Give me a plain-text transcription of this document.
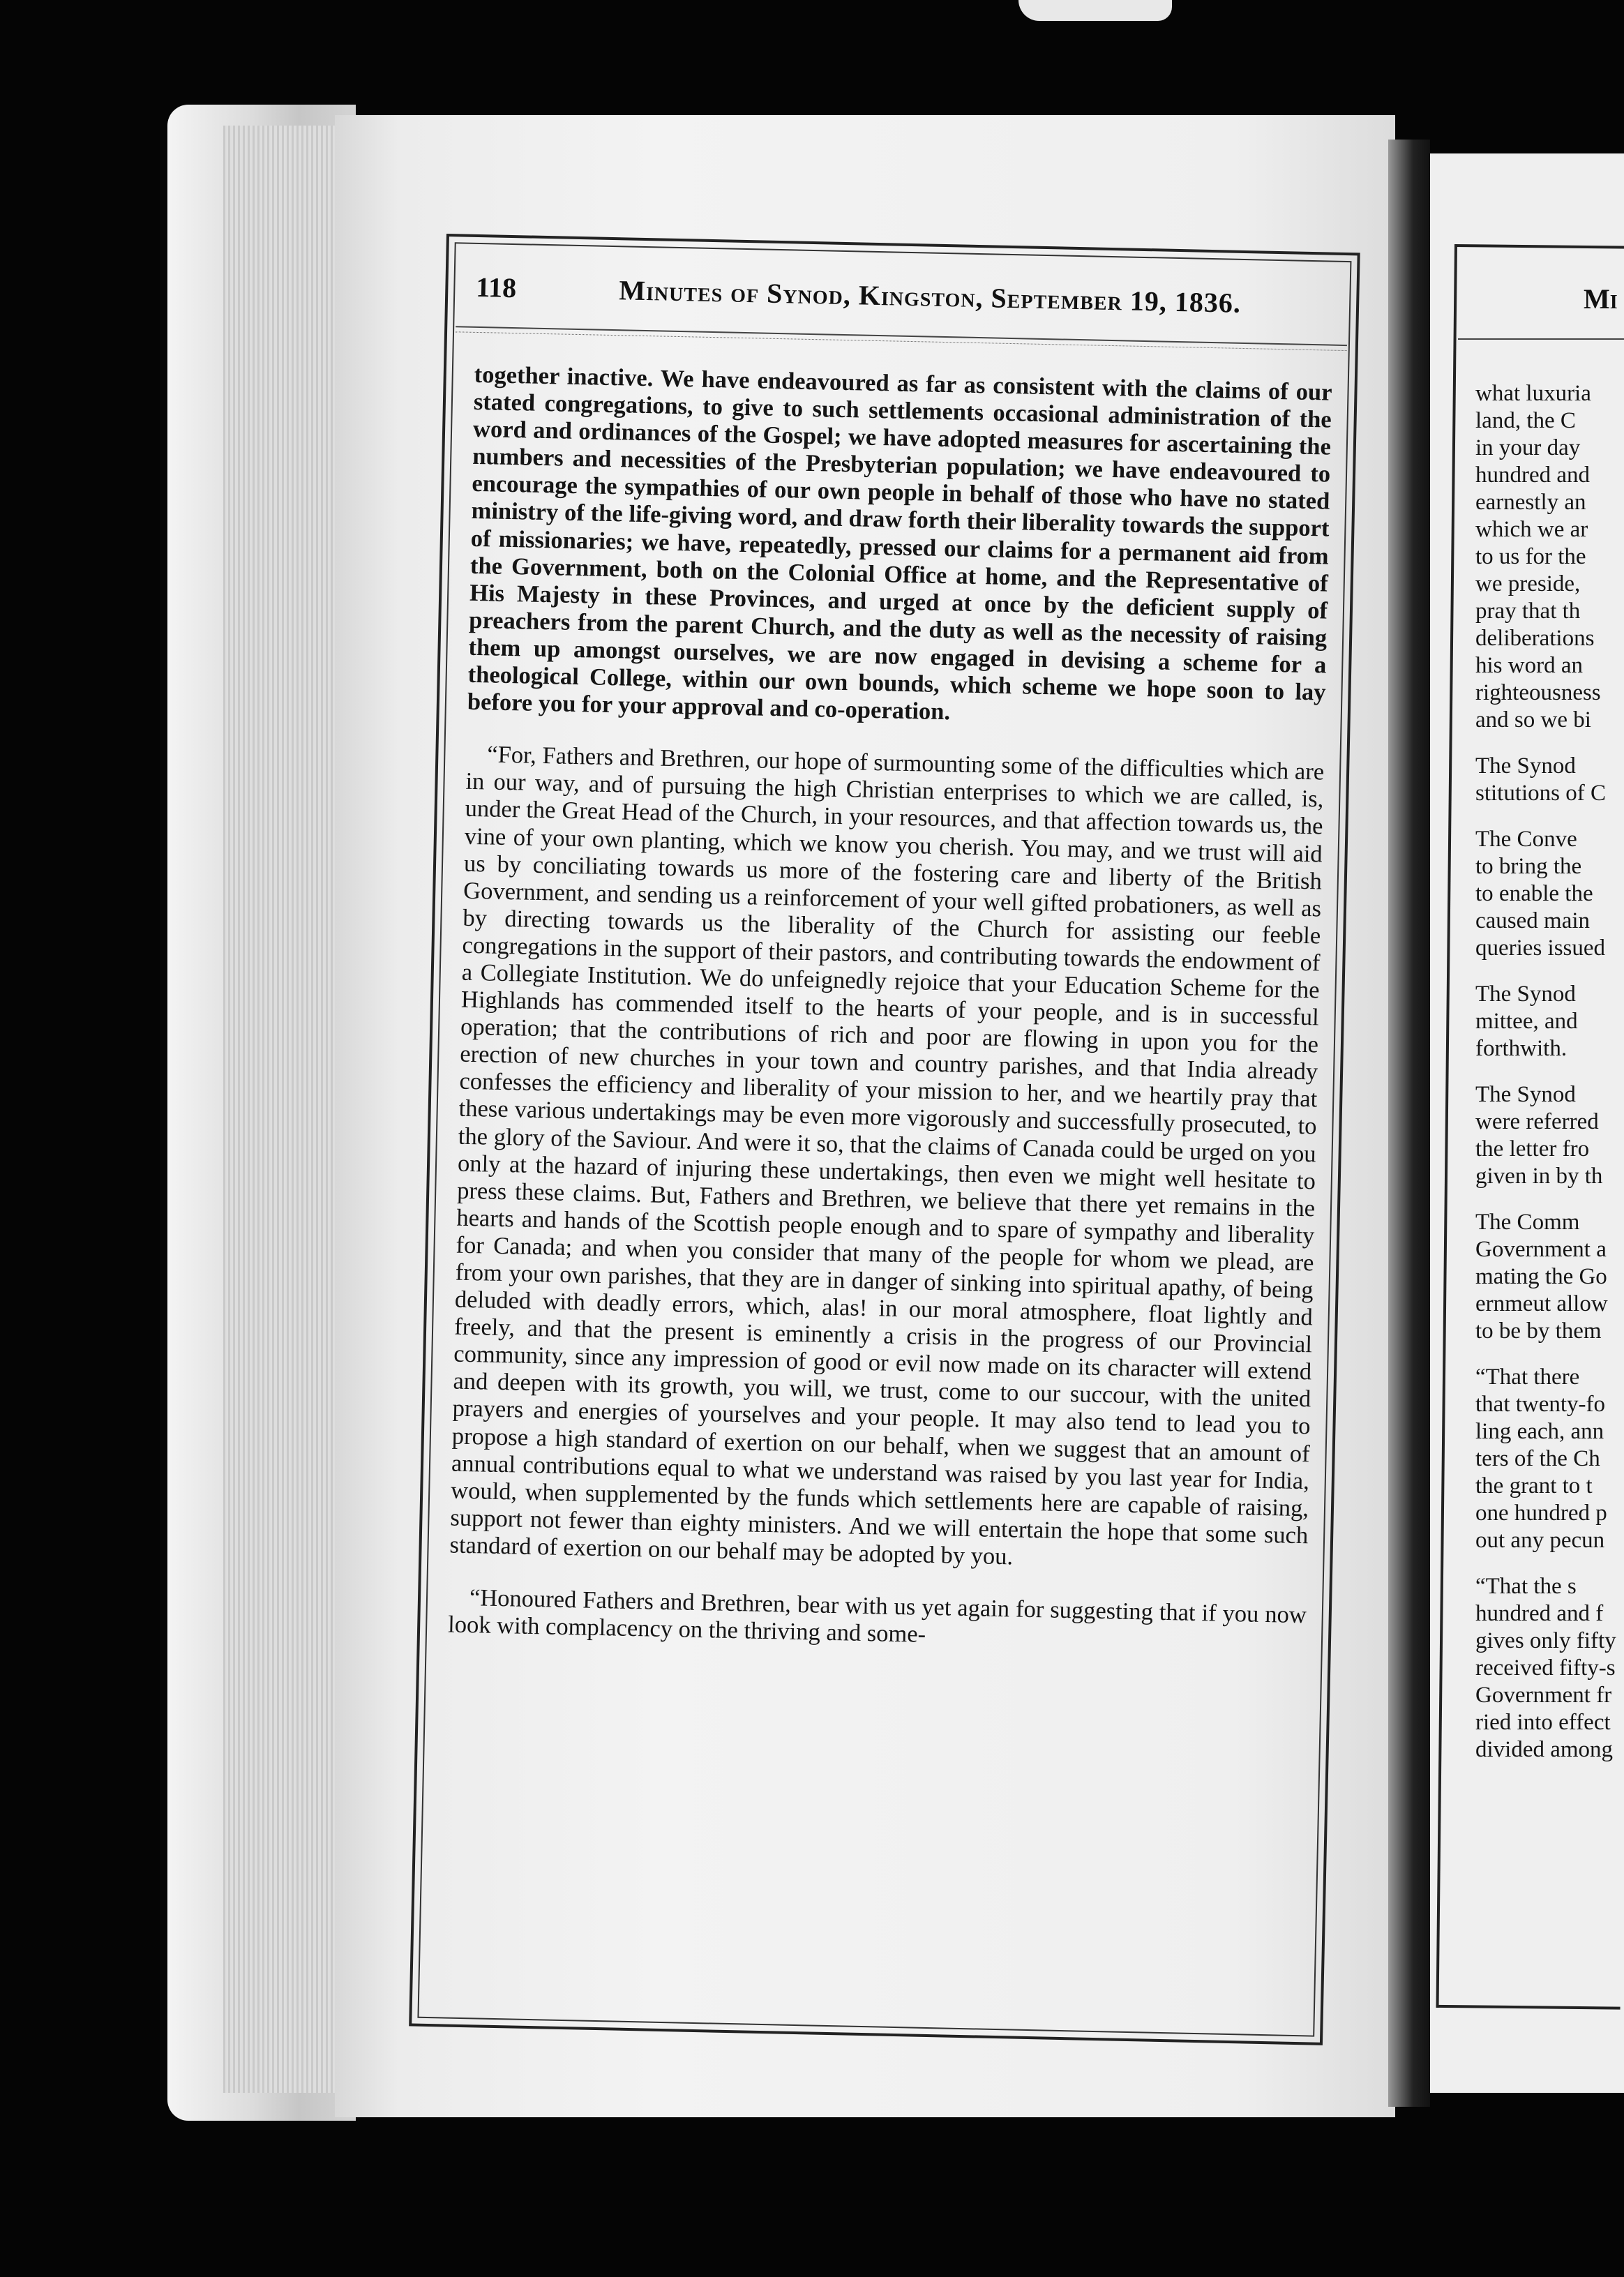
118	Minutes of Synod, Kingston, September 19, 1836.

together inactive. We have endeavoured as far as consistent with the claims of our stated congregations, to give to such settlements occasional administration of the word and ordinances of the Gospel; we have adopted measures for ascertaining the numbers and necessities of the Presbyterian population; we have endeavoured to encourage the sympathies of our own people in behalf of those who have no stated ministry of the life-giving word, and draw forth their liberality towards the support of missionaries; we have, repeatedly, pressed our claims for a permanent aid from the Government, both on the Colonial Office at home, and the Representative of His Majesty in these Provinces, and urged at once by the deficient supply of preachers from the parent Church, and the duty as well as the necessity of raising them up amongst ourselves, we are now engaged in devising a scheme for a theological College, within our own bounds, which scheme we hope soon to lay before you for your approval and co-operation.

“For, Fathers and Brethren, our hope of surmounting some of the difficulties which are in our way, and of pursuing the high Christian enterprises to which we are called, is, under the Great Head of the Church, in your resources, and that affection towards us, the vine of your own planting, which we know you cherish. You may, and we trust will aid us by conciliating towards us more of the fostering care and liberty of the British Government, and sending us a reinforcement of your well gifted probationers, as well as by directing towards us the liberality of the Church for assisting our feeble congregations in the support of their pastors, and contributing towards the endowment of a Collegiate Institution. We do unfeignedly rejoice that your Education Scheme for the Highlands has commended itself to the hearts of your people, and is in successful operation; that the contributions of rich and poor are flowing in upon you for the erection of new churches in your town and country parishes, and that India already confesses the efficiency and liberality of your mission to her, and we heartily pray that these various undertakings may be even more vigorously and successfully prosecuted, to the glory of the Saviour. And were it so, that the claims of Canada could be urged on you only at the hazard of injuring these undertakings, then even we might well hesitate to press these claims. But, Fathers and Brethren, we believe that there yet remains in the hearts and hands of the Scottish people enough and to spare of sympathy and liberality for Canada; and when you consider that many of the people for whom we plead, are from your own parishes, that they are in danger of sinking into spiritual apathy, of being deluded with deadly errors, which, alas! in our moral atmosphere, float lightly and freely, and that the present is eminently a crisis in the progress of our Provincial community, since any impression of good or evil now made on its character will extend and deepen with its growth, you will, we trust, come to our succour, with the united prayers and energies of yourselves and your people. It may also tend to lead you to propose a high standard of exertion on our behalf, when we suggest that an amount of annual contributions equal to what we understand was raised by you last year for India, would, when supplemented by the funds which settlements here are capable of raising, support not fewer than eighty ministers. And we will entertain the hope that some such standard of exertion on our behalf may be adopted by you.

“Honoured Fathers and Brethren, bear with us yet again for suggesting that if you now look with complacency on the thriving and some-

Mi
what luxuria
land, the C
in your day
hundred and
earnestly an
which we ar
to us for the
we preside,
pray that th
deliberations
his word an
righteousness
and so we bi
The Synod
stitutions of C
The Conve
to bring the
to enable the
caused main
queries issued
The Synod
mittee, and
forthwith.
The Synod
were referred
the letter fro
given in by th
The Comm
Government a
mating the Go
ernmeut allow
to be by them
“That there
that twenty-fo
ling each, ann
ters of the Ch
the grant to t
one hundred p
out any pecun
“That the s
hundred and f
gives only fifty
received fifty-s
Government fr
ried into effect
divided among
